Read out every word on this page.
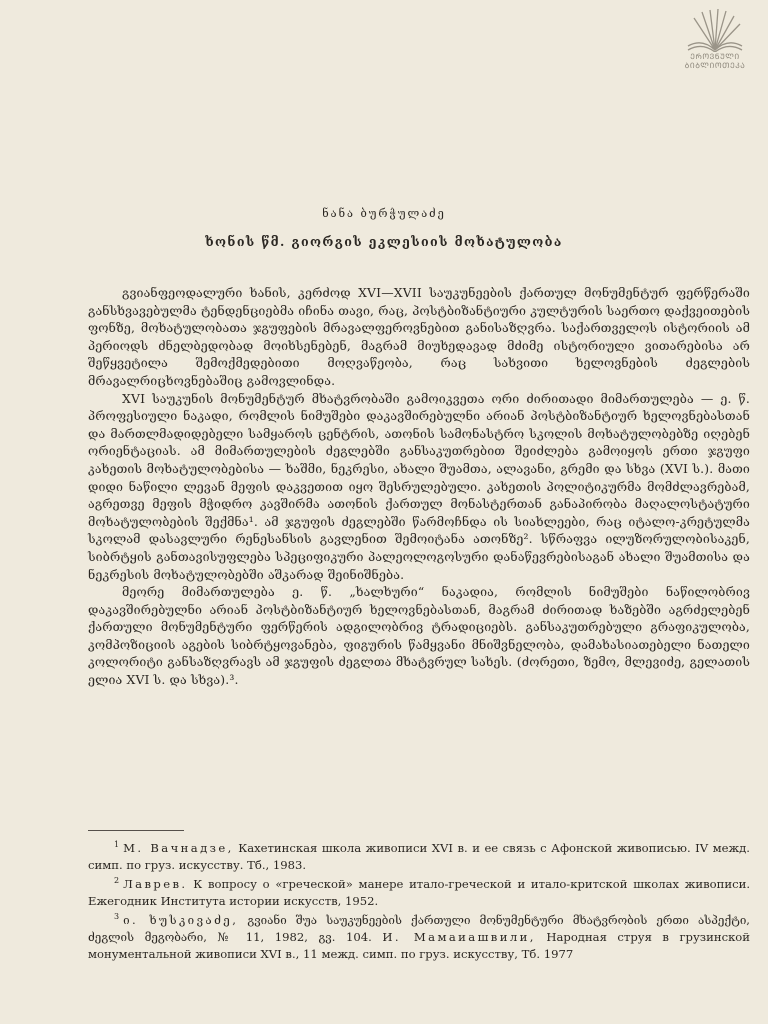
ᲔᲠᲝᲕᲜᲣᲚᲘ
ᲑᲘᲑᲚᲘᲝᲗᲔᲙᲐ
ნანა ბურჭულაძე
ხონის წმ. გიორგის ეკლესიის მოხატულობა

გვიანფეოდალური ხანის, კერძოდ XVI—XVII საუკუნეების ქართულ მონუმენტურ ფერწერაში განსხვავებულმა ტენდენციებმა იჩინა თავი, რაც, პოსტბიზანტიური კულტურის საერთო დაქვეითების ფონზე, მოხატულობათა ჯგუფების მრავალფეროვნებით განისაზღვრა. საქართველოს ისტორიის ამ პერიოდს ძნელბედობად მოიხსენებენ, მაგრამ მიუხედავად მძიმე ისტორიული ვითარებისა არ შეწყვეტილა შემოქმედებითი მოღვაწეობა, რაც სახვითი ხელოვნების ძეგლების მრავალრიცხოვნებაშიც გამოვლინდა.

XVI საუკუნის მონუმენტურ მხატვრობაში გამოიკვეთა ორი ძირითადი მიმართულება — ე. წ. პროფესიული ნაკადი, რომლის ნიმუშები დაკავშირებულნი არიან პოსტბიზანტიურ ხელოვნებასთან და მართლმადიდებელი სამყაროს ცენტრის, ათონის სამონასტრო სკოლის მოხატულობებზე იღებენ ორიენტაციას. ამ მიმართულების ძეგლებში განსაკუთრებით შეიძლება გამოიყოს ერთი ჯგუფი კახეთის მოხატულობებისა — ხაშმი, ნეკრესი, ახალი შუამთა, ალავანი, გრემი და სხვა (XVI ს.). მათი დიდი ნაწილი ლევან მეფის დაკვეთით იყო შესრულებული. კახეთის პოლიტიკურმა მომძლავრებამ, აგრეთვე მეფის მჭიდრო კავშირმა ათონის ქართულ მონასტერთან განაპირობა მაღალოსტატური მოხატულობების შექმნა¹. ამ ჯგუფის ძეგლებში წარმოჩნდა ის სიახლეები, რაც იტალო-კრეტულმა სკოლამ დასავლური რენესანსის გავლენით შემოიტანა ათონზე². სწრაფვა ილუზორულობისაკენ, სიბრტყის განთავისუფლება სპეციფიკური პალეოლოგოსური დანაწევრებისაგან ახალი შუამთისა და ნეკრესის მოხატულობებში აშკარად შეინიშნება.

მეორე მიმართულება ე. წ. „ხალხური“ ნაკადია, რომლის ნიმუშები ნაწილობრივ დაკავშირებულნი არიან პოსტბიზანტიურ ხელოვნებასთან, მაგრამ ძირითად ხაზებში აგრძელებენ ქართული მონუმენტური ფერწერის ადგილობრივ ტრადიციებს. განსაკუთრებული გრაფიკულობა, კომპოზიციის აგების სიბრტყოვანება, ფიგურის წამყვანი მნიშვნელობა, დამახასიათებელი ნათელი კოლორიტი განსაზღვრავს ამ ჯგუფის ძეგლთა მხატვრულ სახეს. (ძორეთი, ზემო, მლევიძე, გელათის ელია XVI ს. და სხვა).³.

$^1$ М. Вачнадзе, Кахетинская школа живописи XVI в. и ее связь с Афонской живописью. IV межд. симп. по груз. искусству. Тб., 1983.

$^2$ Лаврев. К вопросу о «греческой» манере итало-греческой и итало-критской школах живописи. Ежегодник Института истории искусств, 1952.

$^3$ ი. ხუსკივაძე, გვიანი შუა საუკუნეების ქართული მონუმენტური მხატვრობის ერთი ასპექტი, ძეგლის მეგობარი, № 11, 1982, გვ. 104. И. Мамаиашвили, Народная струя в грузинской монументальной живописи XVI в., 11 межд. симп. по груз. искусству, Тб. 1977
